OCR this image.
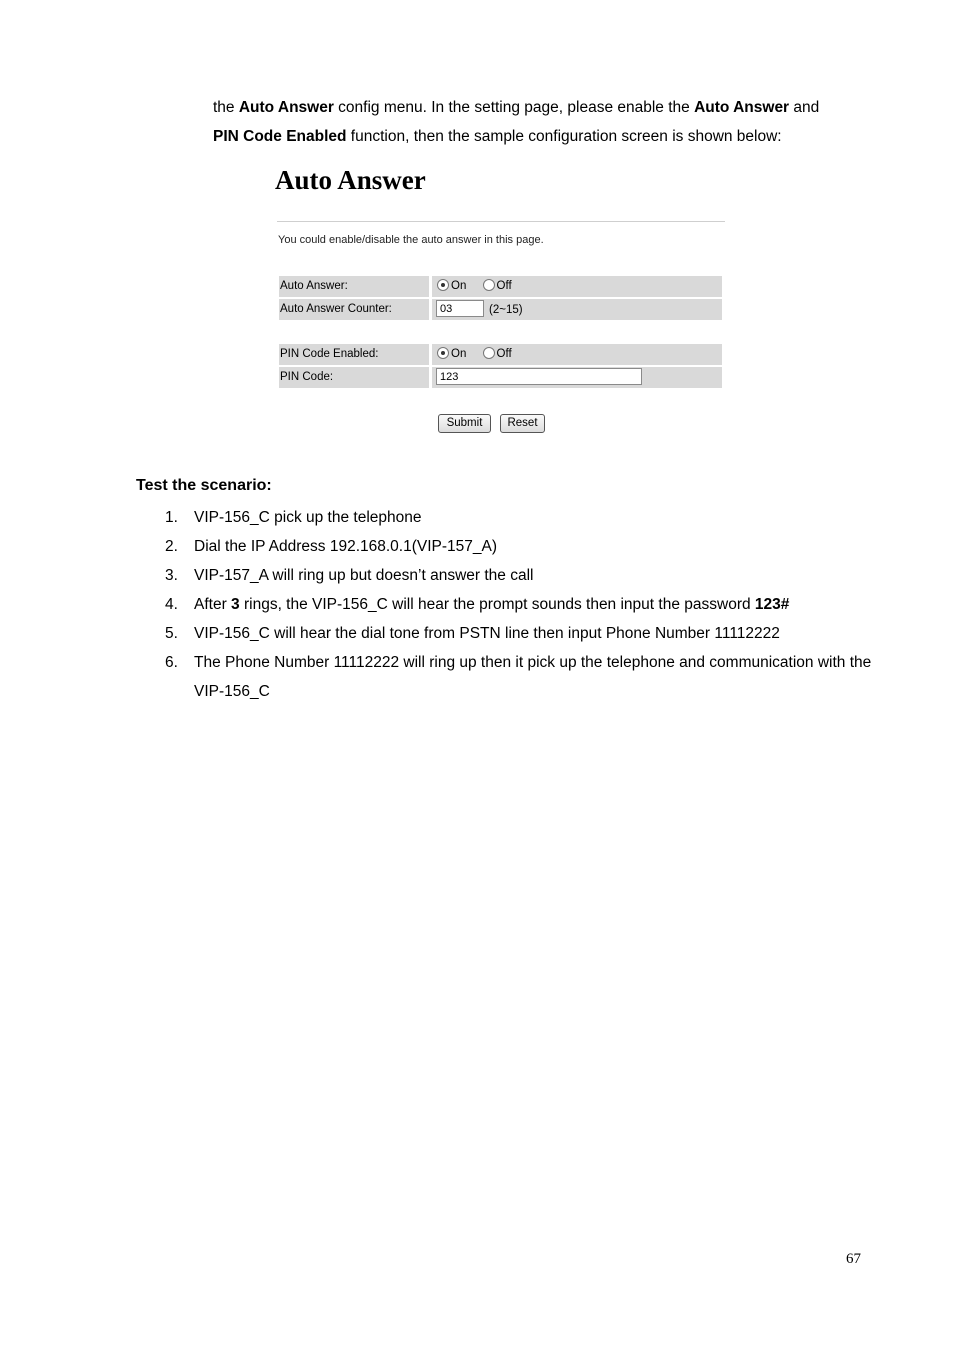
the Auto Answer config menu. In the setting page, please enable the Auto Answer and

PIN Code Enabled function, then the sample configuration screen is shown below:

Auto Answer
You could enable/disable the auto answer in this page.
Auto Answer:	On	Off
Auto Answer Counter:
03	(2~15)
PIN Code Enabled:	On	Off
PIN Code:
123
Submit	Reset
Test the scenario:
1. VIP-156_C pick up the telephone
2. Dial the IP Address 192.168.0.1(VIP-157_A)
3. VIP-157_A will ring up but doesn’t answer the call
4. After 3 rings, the VIP-156_C will hear the prompt sounds then input the password 123#
5. VIP-156_C will hear the dial tone from PSTN line then input Phone Number 11112222
6. The Phone Number 11112222 will ring up then it pick up the telephone and communication with the VIP-156_C
67
